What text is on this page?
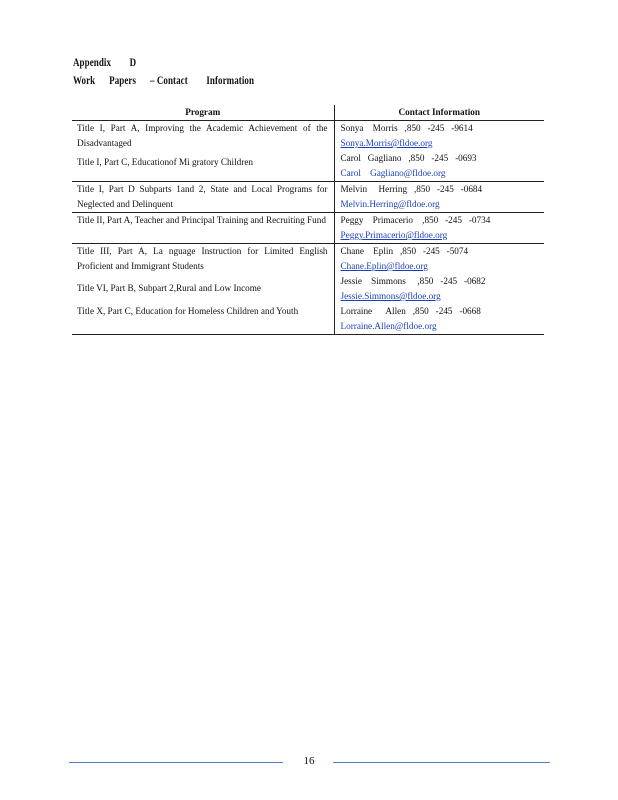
Appendix        D
Work      Papers      – Contact        Information
Program	Contact Information
Title I, Part A, Improving the Academic Achievement of the Disadvantaged	Sonya    Morris   ,850   -245   -9614
Sonya.Morris@fldoe.org
Title I, Part C, Educationof Mi gratory Children	Carol   Gagliano   ,850   -245   -0693
Carol    Gagliano@fldoe.org
Title I, Part D Subparts 1and 2, State and Local Programs for Neglected and Delinquent	Melvin     Herring   ,850   -245   -0684
Melvin.Herring@fldoe.org
Title II, Part A, Teacher and Principal Training and Recruiting Fund	Peggy    Primacerio    ,850   -245   -0734
Peggy.Primacerio@fldoe.org
Title III, Part A, La nguage Instruction for Limited English Proficient and Immigrant Students	Chane    Eplin   ,850   -245   -5074
Chane.Eplin@fldoe.org
Title VI, Part B, Subpart 2,Rural and Low Income	Jessie    Simmons     ,850   -245   -0682
Jessie.Simmons@fldoe.org
Title X, Part C, Education for Homeless Children and Youth	Lorraine      Allen   ,850   -245   -0668
Lorraine.Allen@fldoe.org
16
